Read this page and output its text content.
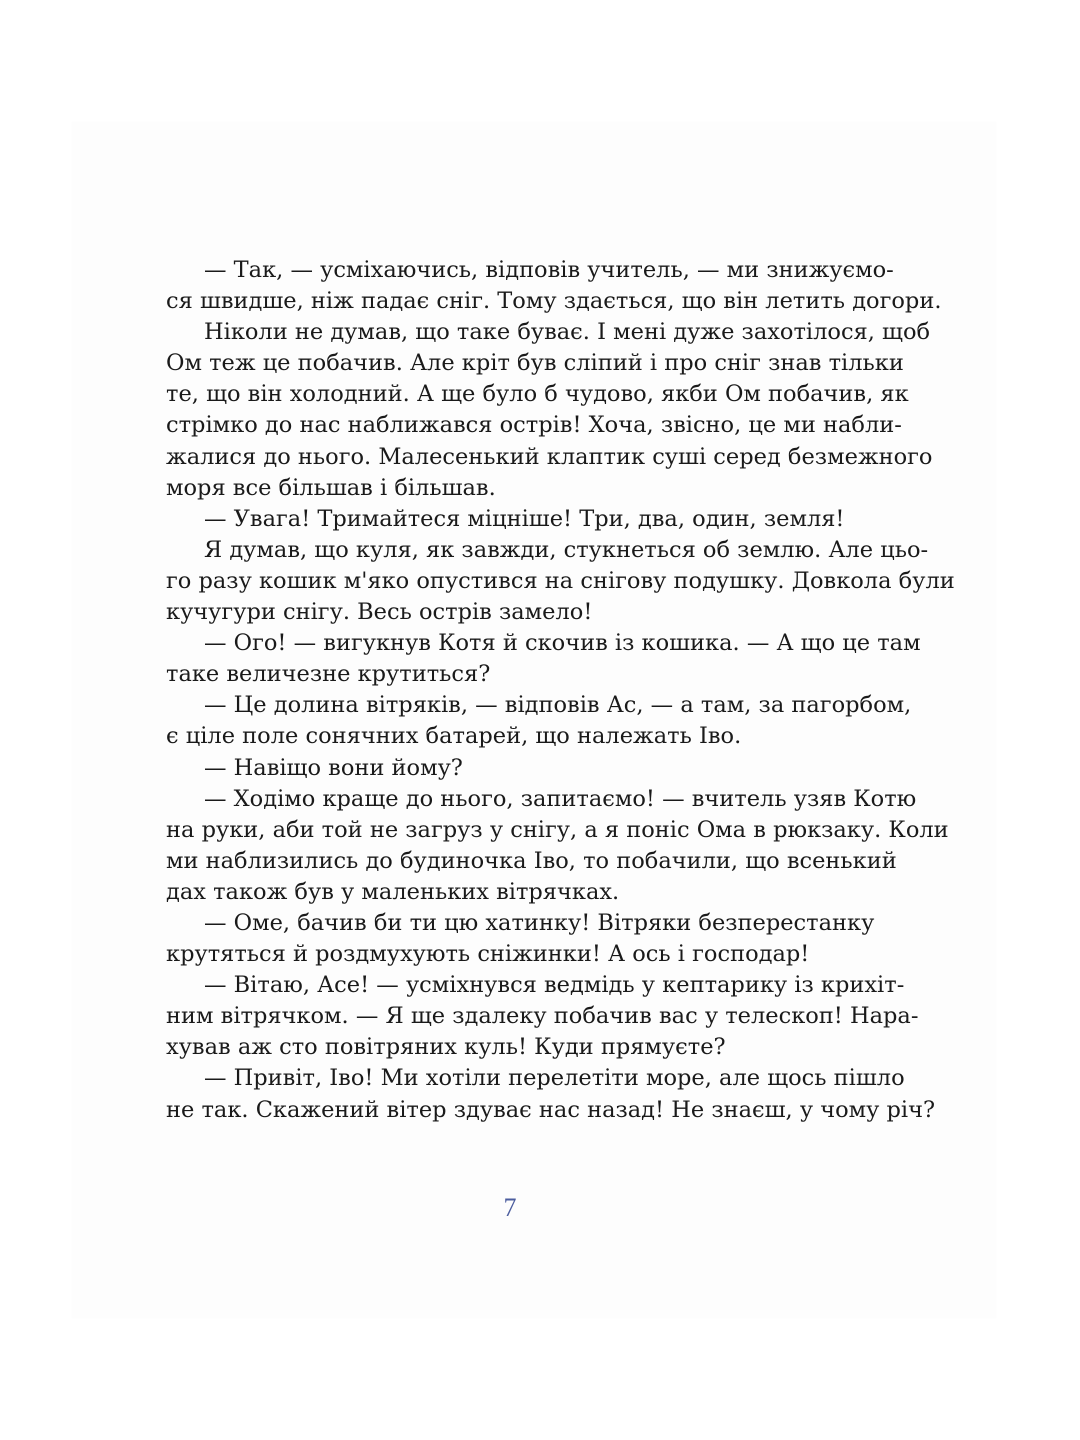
— Так, — усміхаючись, відповів учитель, — ми знижуємо-
ся швидше, ніж падає сніг. Тому здається, що він летить догори.

Ніколи не думав, що таке буває. І мені дуже захотілося, щоб
Ом теж це побачив. Але кріт був сліпий і про сніг знав тільки
те, що він холодний. А ще було б чудово, якби Ом побачив, як
стрімко до нас наближався острів! Хоча, звісно, це ми набли-
жалися до нього. Малесенький клаптик суші серед безмежного
моря все більшав і більшав.

— Увага! Тримайтеся міцніше! Три, два, один, земля!

Я думав, що куля, як завжди, стукнеться об землю. Але цьо-
го разу кошик м'яко опустився на снігову подушку. Довкола були
кучугури снігу. Весь острів замело!

— Ого! — вигукнув Котя й скочив із кошика. — А що це там
таке величезне крутиться?

— Це долина вітряків, — відповів Ас, — а там, за пагорбом,
є ціле поле сонячних батарей, що належать Іво.

— Навіщо вони йому?

— Ходімо краще до нього, запитаємо! — вчитель узяв Котю
на руки, аби той не загруз у снігу, а я поніс Ома в рюкзаку. Коли
ми наблизились до будиночка Іво, то побачили, що всенький
дах також був у маленьких вітрячках.

— Оме, бачив би ти цю хатинку! Вітряки безперестанку
крутяться й роздмухують сніжинки! А ось і господар!

— Вітаю, Асе! — усміхнувся ведмідь у кептарику із крихіт-
ним вітрячком. — Я ще здалеку побачив вас у телескоп! Нара-
хував аж сто повітряних куль! Куди прямуєте?

— Привіт, Іво! Ми хотіли перелетіти море, але щось пішло
не так. Скажений вітер здуває нас назад! Не знаєш, у чому річ?

7
